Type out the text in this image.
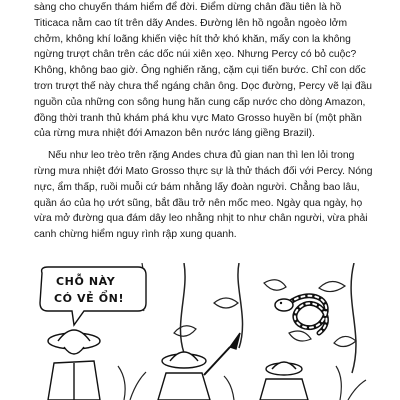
sàng cho chuyến thám hiểm để đời. Điểm dừng chân đầu tiên là hồ Titicaca nằm cao tít trên dãy Andes. Đường lên hồ ngoằn ngoèo lởm chởm, không khí loãng khiến việc hít thở khó khăn, mấy con la không ngừng trượt chân trên các dốc núi xiên xẹo. Nhưng Percy có bỏ cuộc? Không, không bao giờ. Ông nghiến răng, cặm cụi tiến bước. Chỉ con dốc trơn trượt thế này chưa thể ngáng chân ông. Dọc đường, Percy vẽ lại đầu nguồn của những con sông hung hãn cung cấp nước cho dòng Amazon, đồng thời tranh thủ khám phá khu vực Mato Grosso huyền bí (một phần của rừng mưa nhiệt đới Amazon bên nước láng giềng Brazil).

Nếu như leo trèo trên rặng Andes chưa đủ gian nan thì len lỏi trong rừng mưa nhiệt đới Mato Grosso thực sự là thử thách đối với Percy. Nóng nực, ẩm thấp, ruồi muỗi cứ bám nhằng lấy đoàn người. Chẳng bao lâu, quần áo của họ ướt sũng, bắt đầu trở nên mốc meo. Ngày qua ngày, họ vừa mở đường qua đám dây leo nhằng nhịt to như chân người, vừa phải canh chừng hiểm nguy rình rập xung quanh.

CHỖ NÀY
CÓ VẺ ỔN!
